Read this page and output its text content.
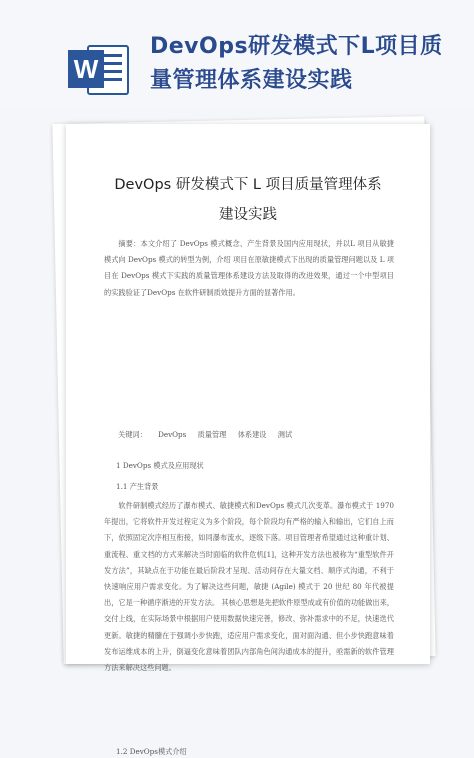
W
DevOps研发模式下L项目质量管理体系建设实践
DevOps 研发模式下 L 项目质量管理体系
建设实践
摘要：本文介绍了 DevOps 模式概念、产生背景及国内应用现状，并以L 项目从敏捷模式向 DevOps 模式的转型为例，介绍 项目在原敏捷模式下出现的质量管理问题以及 L 项目在 DevOps 模式下实践的质量管理体系建设方法及取得的改进效果，通过一个中型项目的实践验证了DevOps 在软件研制质效提升方面的显著作用。
关键词： DevOps 质量管理 体系建设 测试
1 DevOps 模式及应用现状
1.1 产生背景
软件研制模式经历了瀑布模式、敏捷模式和DevOps 模式几次变革。瀑布模式于 1970 年提出，它将软件开发过程定义为多个阶段，每个阶段均有严格的输入和输出，它们自上而下，依照固定次序相互衔接，如同瀑布流水，逐级下落。项目管理者希望通过这种重计划、重流程、重文档的方式来解决当时面临的软件危机[1]，这种开发方法也被称为“重型软件开发方法”，其缺点在于功能在最后阶段才呈现、活动间存在大量文档、顺序式沟通，不利于快速响应用户需求变化。为了解决这些问题，敏捷 (Agile) 模式于 20 世纪 80 年代被提出，它是一种循序渐进的开发方法。 其核心思想是先把软件原型成或有价值的功能做出来，交付上线，在实际场景中根据用户使用数据快速完善，修改、弥补需求中的不足，快速迭代更新。敏捷的精髓在于强调小步快跑，适应用户需求变化，面对面沟通、但小步快跑意味着发布运维成本的上升，倒逼变化意味着团队内部角色间沟通成本的提升，亟需新的软件管理方法来解决这些问题。
1.2 DevOps模式介绍
